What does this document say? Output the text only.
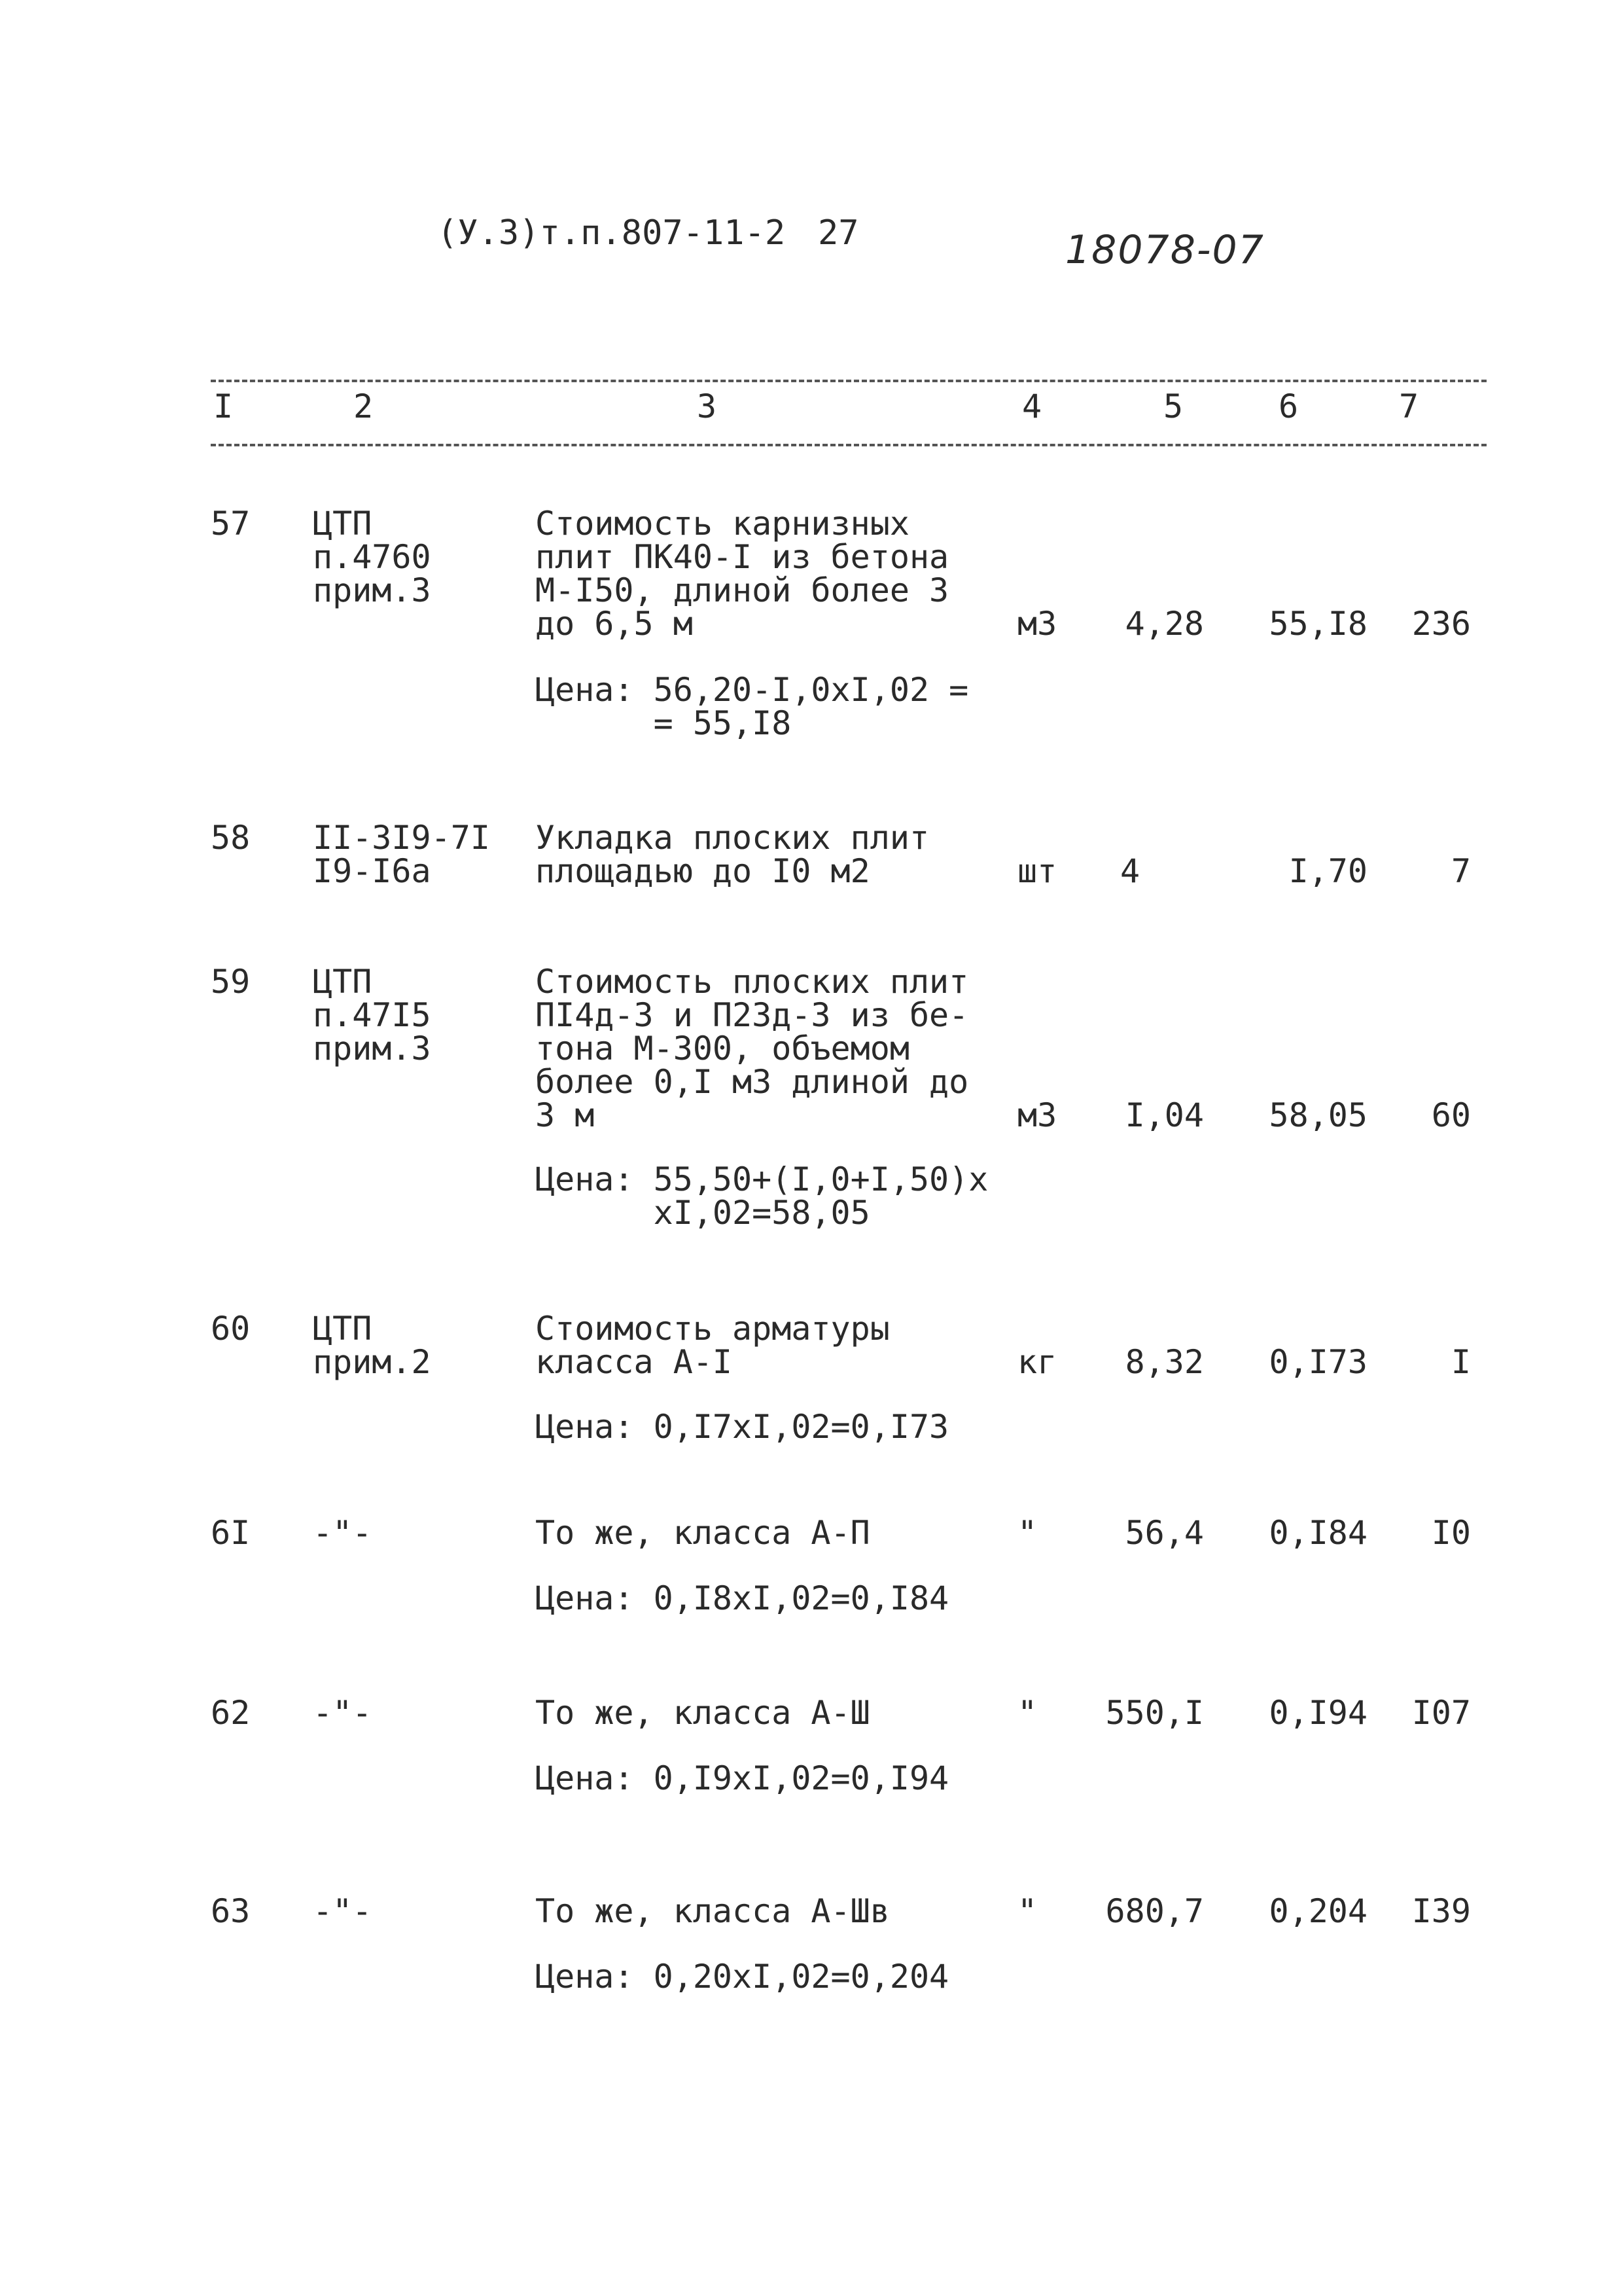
(У.3)т.п.807-11-2 27	18078-07
I	2	3	4	5	6	7
57 ЦТП
п.4760
прим.3
Стоимость карнизных
плит ПК40-I из бетона
М-I50, длиной более 3
до 6,5 м	м3	4,28	55,I8	236
Цена: 56,20-I,0xI,02 =
= 55,I8
58 II-3I9-7I
I9-I6а
Укладка плоских плит
площадью до I0 м2	шт	4	I,70	7
59 ЦТП
п.47I5
прим.3
Стоимость плоских плит
ПI4д-3 и П23д-3 из бе-
тона М-300, объемом
более 0,I м3 длиной до
3 м	м3	I,04	58,05	60
Цена: 55,50+(I,0+I,50)x
xI,02=58,05
60 ЦТП
прим.2
Стоимость арматуры
класса А-I	кг	8,32	0,I73	I
Цена: 0,I7xI,02=0,I73
6I -"-	То же, класса А-П	"	56,4	0,I84	I0
Цена: 0,I8xI,02=0,I84
62 -"-	То же, класса А-Ш	"	550,I	0,I94	I07
Цена: 0,I9xI,02=0,I94
63 -"-	То же, класса А-Шв	"	680,7	0,204	I39
Цена: 0,20xI,02=0,204
